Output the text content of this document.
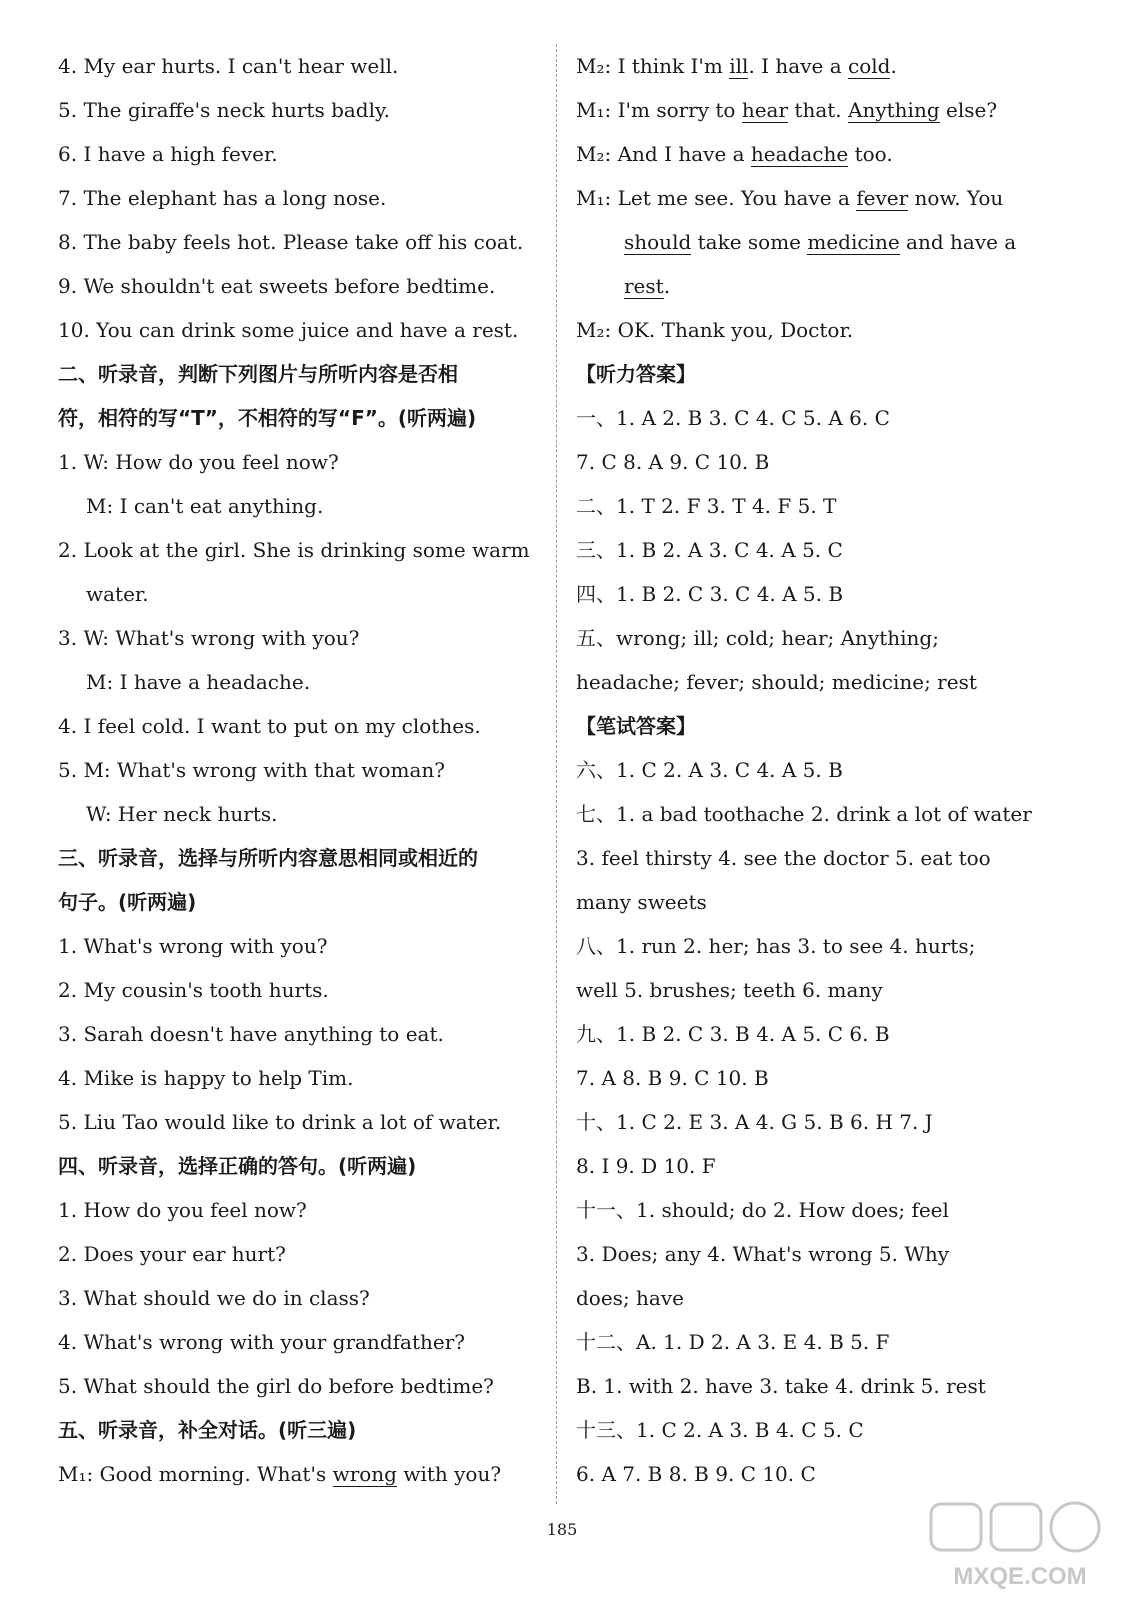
4. My ear hurts. I can't hear well.
5. The giraffe's neck hurts badly.
6. I have a high fever.
7. The elephant has a long nose.
8. The baby feels hot. Please take off his coat.
9. We shouldn't eat sweets before bedtime.
10. You can drink some juice and have a rest.
二、听录音，判断下列图片与所听内容是否相
符，相符的写“T”，不相符的写“F”。(听两遍)
1. W: How do you feel now?
M: I can't eat anything.
2. Look at the girl. She is drinking some warm
water.
3. W: What's wrong with you?
M: I have a headache.
4. I feel cold. I want to put on my clothes.
5. M: What's wrong with that woman?
W: Her neck hurts.
三、听录音，选择与所听内容意思相同或相近的
句子。(听两遍)
1. What's wrong with you?
2. My cousin's tooth hurts.
3. Sarah doesn't have anything to eat.
4. Mike is happy to help Tim.
5. Liu Tao would like to drink a lot of water.
四、听录音，选择正确的答句。(听两遍)
1. How do you feel now?
2. Does your ear hurt?
3. What should we do in class?
4. What's wrong with your grandfather?
5. What should the girl do before bedtime?
五、听录音，补全对话。(听三遍)
M₁: Good morning. What's wrong with you?
M₂: I think I'm ill. I have a cold.
M₁: I'm sorry to hear that. Anything else?
M₂: And I have a headache too.
M₁: Let me see. You have a fever now. You
should take some medicine and have a
rest.
M₂: OK. Thank you, Doctor.
【听力答案】
一、1. A 2. B 3. C 4. C 5. A 6. C
7. C 8. A 9. C 10. B
二、1. T 2. F 3. T 4. F 5. T
三、1. B 2. A 3. C 4. A 5. C
四、1. B 2. C 3. C 4. A 5. B
五、wrong; ill; cold; hear; Anything;
headache; fever; should; medicine; rest
【笔试答案】
六、1. C 2. A 3. C 4. A 5. B
七、1. a bad toothache 2. drink a lot of water
3. feel thirsty 4. see the doctor 5. eat too
many sweets
八、1. run 2. her; has 3. to see 4. hurts;
well 5. brushes; teeth 6. many
九、1. B 2. C 3. B 4. A 5. C 6. B
7. A 8. B 9. C 10. B
十、1. C 2. E 3. A 4. G 5. B 6. H 7. J
8. I 9. D 10. F
十一、1. should; do 2. How does; feel
3. Does; any 4. What's wrong 5. Why
does; have
十二、A. 1. D 2. A 3. E 4. B 5. F
B. 1. with 2. have 3. take 4. drink 5. rest
十三、1. C 2. A 3. B 4. C 5. C
6. A 7. B 8. B 9. C 10. C
185
MXQE.COM
